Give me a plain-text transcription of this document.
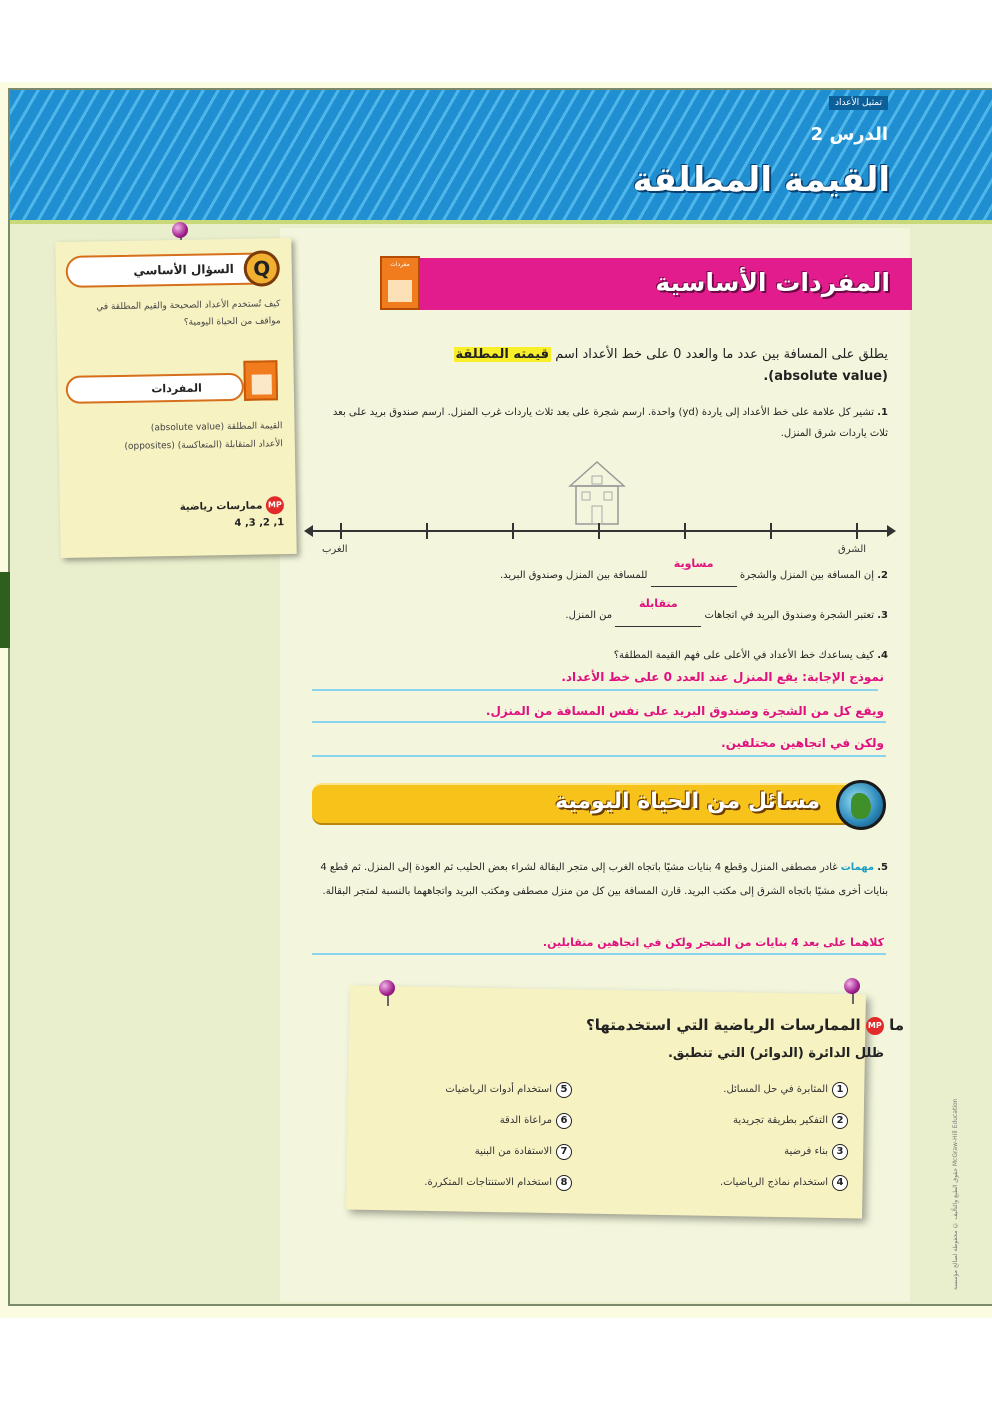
تمثيل الأعداد
الدرس 2
القيمة المطلقة
السؤال الأساسي Q
كيف تُستخدم الأعداد الصحيحة والقيم المطلقة في مواقف من الحياة اليومية؟
المفردات
القيمة المطلقة (absolute value)
الأعداد المتقابلة (المتعاكسة) (opposites)
MP ممارسات رياضية
1, 2, 3, 4
مفردات
المفردات الأساسية
يطلق على المسافة بين عدد ما والعدد 0 على خط الأعداد اسم قيمته المطلقة
(absolute value).
1. تشير كل علامة على خط الأعداد إلى ياردة (yd) واحدة. ارسم شجرة على بعد ثلاث ياردات غرب المنزل. ارسم صندوق بريد على بعد ثلاث ياردات شرق المنزل.
الغرب	الشرق
2. إن المسافة بين المنزل والشجرة
مساوية
للمسافة بين المنزل وصندوق البريد.
3. تعتبر الشجرة وصندوق البريد في اتجاهات
متقابلة
من المنزل.
4. كيف يساعدك خط الأعداد في الأعلى على فهم القيمة المطلقة؟
نموذج الإجابة: يقع المنزل عند العدد 0 على خط الأعداد.
ويقع كل من الشجرة وصندوق البريد على نفس المسافة من المنزل.
ولكن في اتجاهين مختلفين.
مسائل من الحياة اليومية
5. مهمات غادر مصطفى المنزل وقطع 4 بنايات مشيًا باتجاه الغرب إلى متجر البقالة لشراء بعض الحليب ثم العودة إلى المنزل. ثم قطع 4 بنايات أخرى مشيًا باتجاه الشرق إلى مكتب البريد. قارن المسافة بين كل من منزل مصطفى ومكتب البريد واتجاههما بالنسبة لمتجر البقالة.
كلاهما على بعد 4 بنايات من المتجر ولكن في اتجاهين متقابلين.
ما MP الممارسات الرياضية التي استخدمتها؟
ظلل الدائرة (الدوائر) التي تنطبق.
1المثابرة في حل المسائل.
2التفكير بطريقة تجريدية
3بناء فرضية
4استخدام نماذج الرياضيات.
5استخدام أدوات الرياضيات
6مراعاة الدقة
7الاستفادة من البنية
8استخدام الاستنتاجات المتكررة.	حقوق الطبع والتأليف © محفوظة لصالح مؤسسة McGraw-Hill Education
